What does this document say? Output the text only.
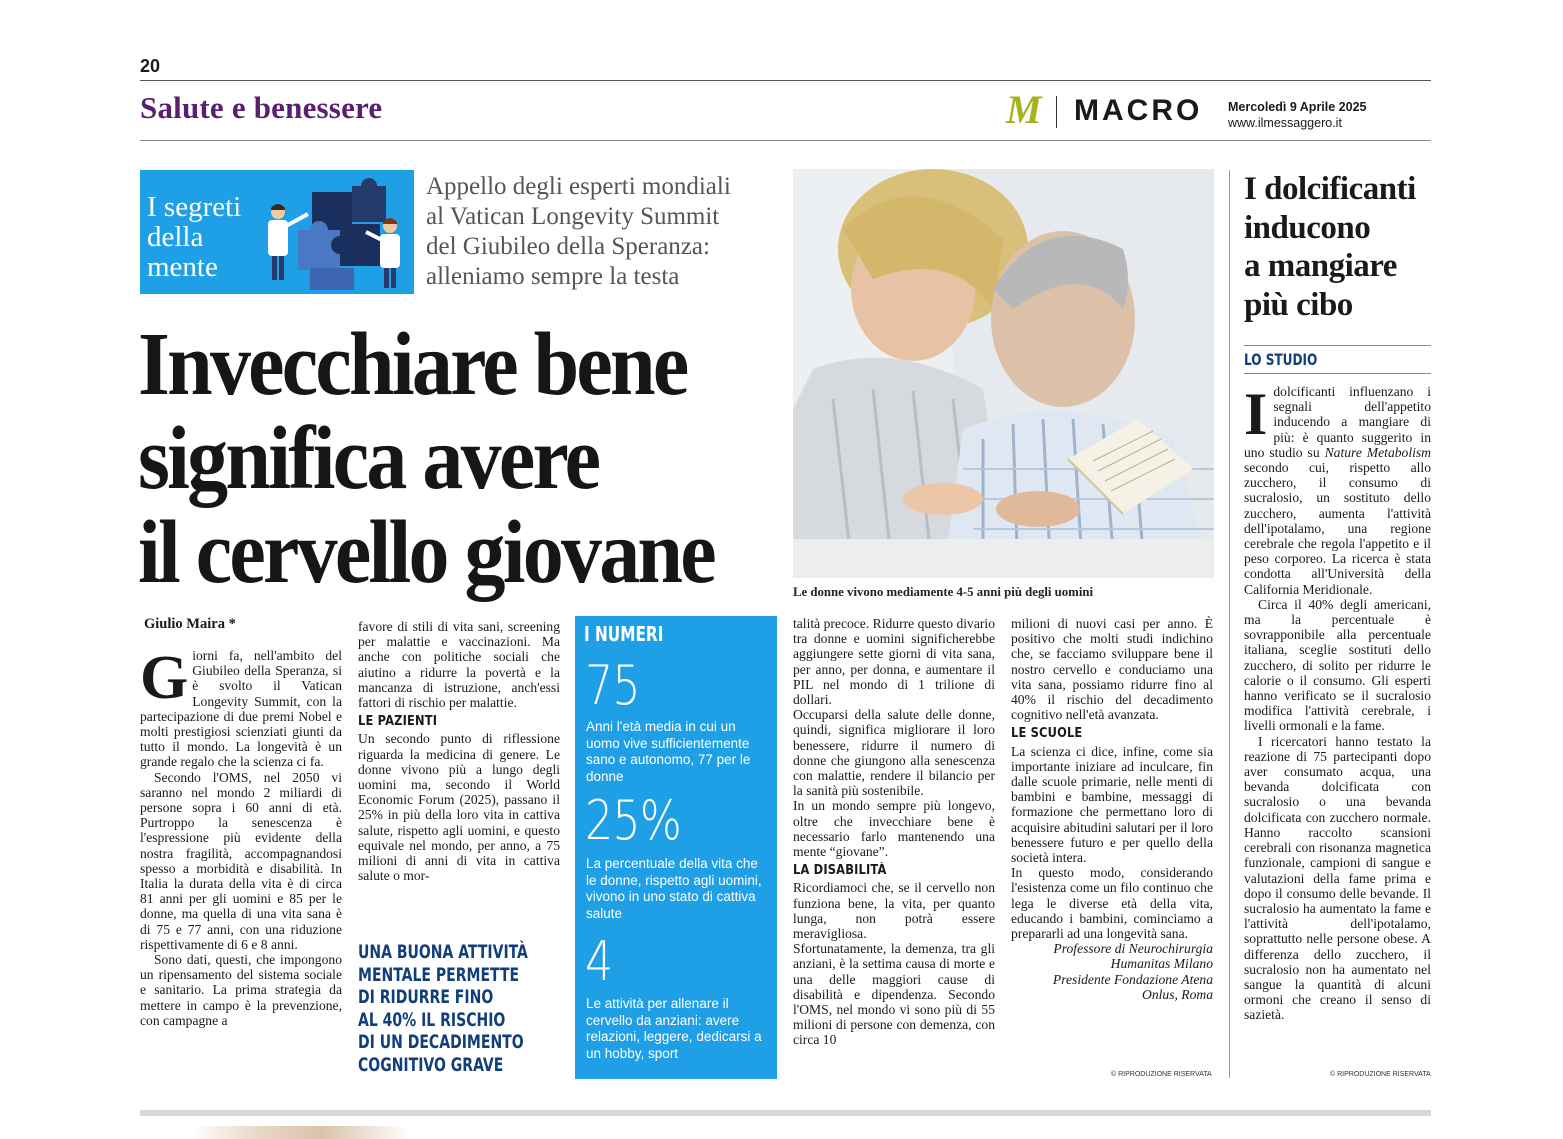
20
Salute e benessere	M MACRO Mercoledì 9 Aprile 2025
www.ilmessaggero.it
I segreti
della
mente
Appello degli esperti mondiali
al Vatican Longevity Summit
del Giubileo della Speranza:
alleniamo sempre la testa
Invecchiare bene
significa avere
il cervello giovane	Le donne vivono mediamente 4-5 anni più degli uomini
Giulio Maira *

Giorni fa, nell'ambito del Giubileo della Speranza, si è svolto il Vatican Longevity Summit, con la partecipazione di due premi Nobel e molti prestigiosi scienziati giunti da tutto il mondo. La longevità è un grande regalo che la scienza ci fa.

Secondo l'OMS, nel 2050 vi saranno nel mondo 2 miliardi di persone sopra i 60 anni di età. Purtroppo la senescenza è l'espressione più evidente della nostra fragilità, accompagnandosi spesso a morbidità e disabilità. In Italia la durata della vita è di circa 81 anni per gli uomini e 85 per le donne, ma quella di una vita sana è di 75 e 77 anni, con una riduzione rispettivamente di 6 e 8 anni.

Sono dati, questi, che impongono un ripensamento del sistema sociale e sanitario. La prima strategia da mettere in campo è la prevenzione, con campagne a

favore di stili di vita sani, screening per malattie e vaccinazioni. Ma anche con politiche sociali che aiutino a ridurre la povertà e la mancanza di istruzione, anch'essi fattori di rischio per malattie.

LE PAZIENTI

Un secondo punto di riflessione riguarda la medicina di genere. Le donne vivono più a lungo degli uomini ma, secondo il World Economic Forum (2025), passano il 25% in più della loro vita in cattiva salute, rispetto agli uomini, e questo equivale nel mondo, per anno, a 75 milioni di anni di vita in cattiva salute o mor-

UNA BUONA ATTIVITÀ
MENTALE PERMETTE
DI RIDURRE FINO
AL 40% IL RISCHIO
DI UN DECADIMENTO
COGNITIVO GRAVE
I NUMERI
75
Anni l'età media in cui un uomo vive sufficientemente sano e autonomo, 77 per le donne
25%
La percentuale della vita che le donne, rispetto agli uomini, vivono in uno stato di cattiva salute
4
Le attività per allenare il cervello da anziani: avere relazioni, leggere, dedicarsi a un hobby, sport

talità precoce. Ridurre questo divario tra donne e uomini significherebbe aggiungere sette giorni di vita sana, per anno, per donna, e aumentare il PIL nel mondo di 1 trilione di dollari.

Occuparsi della salute delle donne, quindi, significa migliorare il loro benessere, ridurre il numero di donne che giungono alla senescenza con malattie, rendere il bilancio per la sanità più sostenibile.

In un mondo sempre più longevo, oltre che invecchiare bene è necessario farlo mantenendo una mente “giovane”.

LA DISABILITÀ

Ricordiamoci che, se il cervello non funziona bene, la vita, per quanto lunga, non potrà essere meravigliosa.

Sfortunatamente, la demenza, tra gli anziani, è la settima causa di morte e una delle maggiori cause di disabilità e dipendenza. Secondo l'OMS, nel mondo vi sono più di 55 milioni di persone con demenza, con circa 10

milioni di nuovi casi per anno. È positivo che molti studi indichino che, se facciamo sviluppare bene il nostro cervello e conduciamo una vita sana, possiamo ridurre fino al 40% il rischio del decadimento cognitivo nell'età avanzata.

LE SCUOLE

La scienza ci dice, infine, come sia importante iniziare ad inculcare, fin dalle scuole primarie, nelle menti di bambini e bambine, messaggi di formazione che permettano loro di acquisire abitudini salutari per il loro benessere futuro e per quello della società intera.

In questo modo, considerando l'esistenza come un filo continuo che lega le diverse età della vita, educando i bambini, cominciamo a prepararli ad una longevità sana.

Professore di Neurochirurgia
Humanitas Milano
Presidente Fondazione Atena
Onlus, Roma
© RIPRODUZIONE RISERVATA
I dolcificanti
inducono
a mangiare
più cibo
LO STUDIO

Idolcificanti influenzano i segnali dell'appetito inducendo a mangiare di più: è quanto suggerito in uno studio su Nature Metabolism secondo cui, rispetto allo zucchero, il consumo di sucralosio, un sostituto dello zucchero, aumenta l'attività dell'ipotalamo, una regione cerebrale che regola l'appetito e il peso corporeo. La ricerca è stata condotta all'Università della California Meridionale.

Circa il 40% degli americani, ma la percentuale è sovrapponibile alla percentuale italiana, sceglie sostituti dello zucchero, di solito per ridurre le calorie o il consumo. Gli esperti hanno verificato se il sucralosio modifica l'attività cerebrale, i livelli ormonali e la fame.

I ricercatori hanno testato la reazione di 75 partecipanti dopo aver consumato acqua, una bevanda dolcificata con sucralosio o una bevanda dolcificata con zucchero normale. Hanno raccolto scansioni cerebrali con risonanza magnetica funzionale, campioni di sangue e valutazioni della fame prima e dopo il consumo delle bevande. Il sucralosio ha aumentato la fame e l'attività dell'ipotalamo, soprattutto nelle persone obese. A differenza dello zucchero, il sucralosio non ha aumentato nel sangue la quantità di alcuni ormoni che creano il senso di sazietà.

© RIPRODUZIONE RISERVATA
